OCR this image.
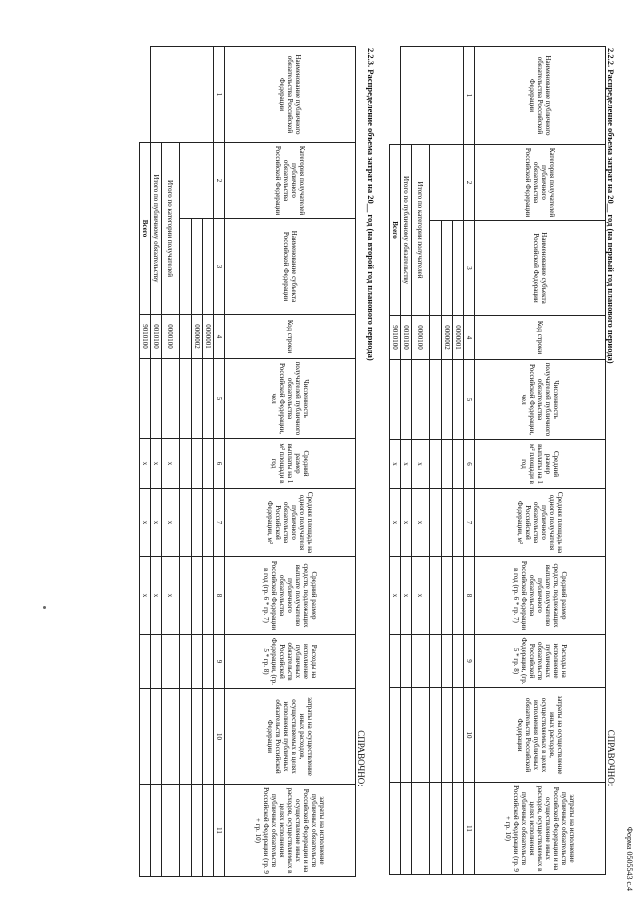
Форма 0505543 с.4
2.2.2. Распределение объема затрат на 20__ год (на первый год планового периода)
СПРАВОЧНО:
Наименование публичного обязательства Российской Федерации	Категория получателей публичного обязательства Российской Федерации	Наименование субъекта Российской Федерации	Код строки	Численность получателей публичного обязательства Российской Федерации, чел	Средний размер выплаты на 1 м² площади в год	Средняя площадь на одного получателя публичного обязательства Российской Федерации, м²	Средний размер средств, подлежащих выплате получателю публичного обязательства Российской Федерации в год (гр. 6 * гр. 7)	Расходы на исполнение публичных обязательств Российской Федерации, (гр. 5 * гр. 8)	затраты на осуществление иных расходов, осуществляемых в целях исполнения публичных обязательств Российской Федерации	затраты на исполнение публичных обязательств Российской Федерации и на осуществление иных расходов, осуществляемых в целях исполнения публичных обязательств Российской Федерации (гр. 9 + гр. 10)
1	2	3	4	5	6	7	8	9	10	11
			0000001							
			0000002							

	Итого по категории получателей		0000100		x	x	x			
	Итого по публичному обязательству		0010100		x	x	x			
	Всего		9010100		x	x	x			
2.2.3. Распределение объема затрат на 20__ год (на второй год планового периода)
СПРАВОЧНО:
Наименование публичного обязательства Российской Федерации	Категория получателей публичного обязательства Российской Федерации	Наименование субъекта Российской Федерации	Код строки	Численность получателей публичного обязательства Российской Федерации, чел	Средний размер выплаты на 1 м² площади в год	Средняя площадь на одного получателя публичного обязательства Российской Федерации, м²	Средний размер средств, подлежащих выплате получателю публичного обязательства Российской Федерации в год (гр. 6 * гр. 7)	Расходы на исполнение публичных обязательств Российской Федерации, (гр. 5 * гр. 8)	затраты на осуществление иных расходов, осуществляемых в целях исполнения публичных обязательств Российской Федерации	затраты на исполнение публичных обязательств Российской Федерации и на осуществление иных расходов, осуществляемых в целях исполнения публичных обязательств Российской Федерации (гр. 9 + гр. 10)
1	2	3	4	5	6	7	8	9	10	11
			0000001							
			0000002							

	Итого по категории получателей		0000100		x	x	x			
	Итого по публичному обязательству		0010100		x	x	x			
	Всего		9010100		x	x	x			
